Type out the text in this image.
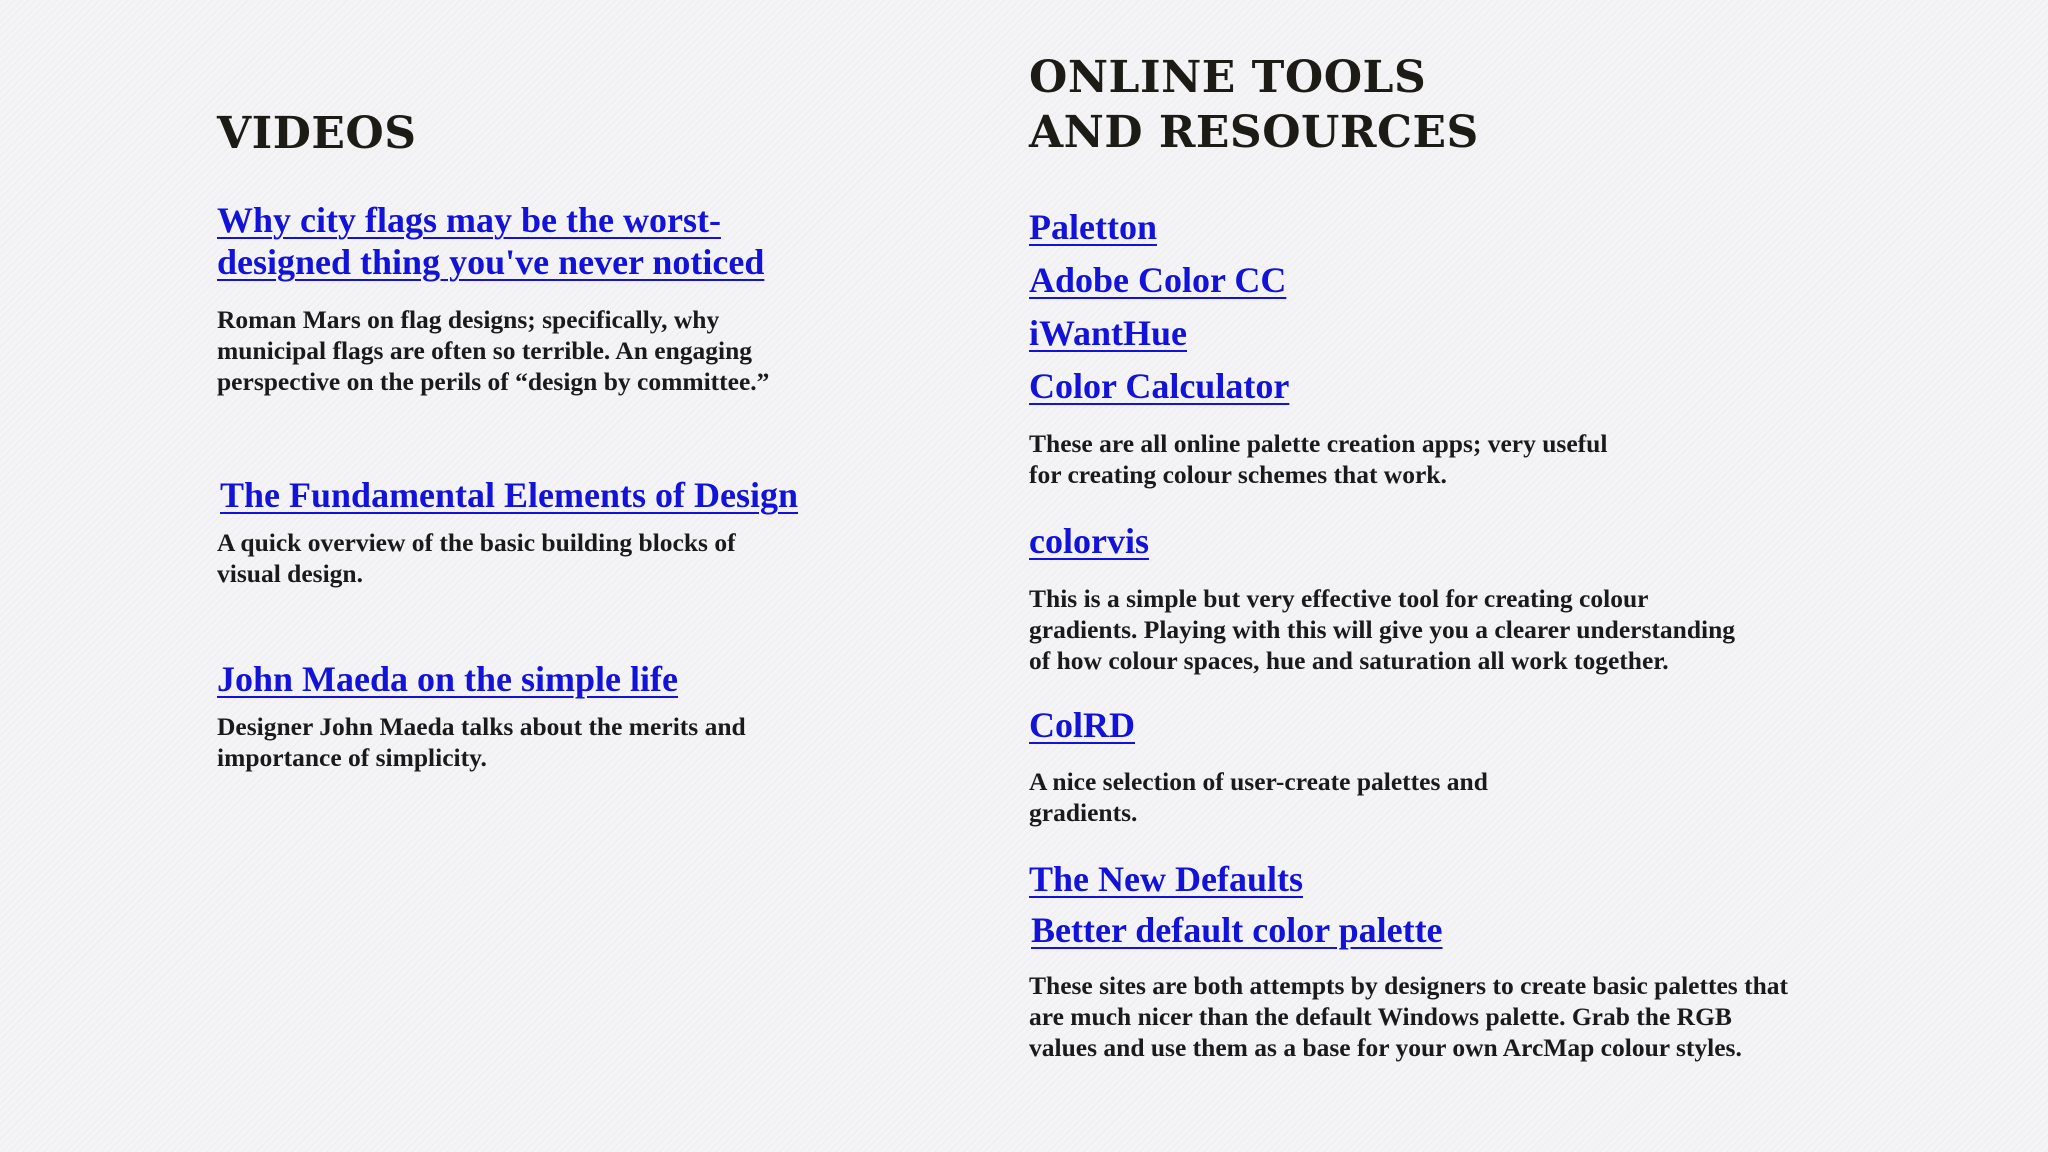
VIDEOS
Why city flags may be the worst-
designed thing you've never noticed
Roman Mars on flag designs; specifically, why
municipal flags are often so terrible. An engaging
perspective on the perils of “design by committee.”
The Fundamental Elements of Design
A quick overview of the basic building blocks of
visual design.
John Maeda on the simple life
Designer John Maeda talks about the merits and
importance of simplicity.
ONLINE TOOLS
AND RESOURCES
Paletton
Adobe Color CC
iWantHue
Color Calculator
These are all online palette creation apps; very useful
for creating colour schemes that work.
colorvis
This is a simple but very effective tool for creating colour
gradients. Playing with this will give you a clearer understanding
of how colour spaces, hue and saturation all work together.
ColRD
A nice selection of user-create palettes and
gradients.
The New Defaults
Better default color palette
These sites are both attempts by designers to create basic palettes that
are much nicer than the default Windows palette. Grab the RGB
values and use them as a base for your own ArcMap colour styles.
